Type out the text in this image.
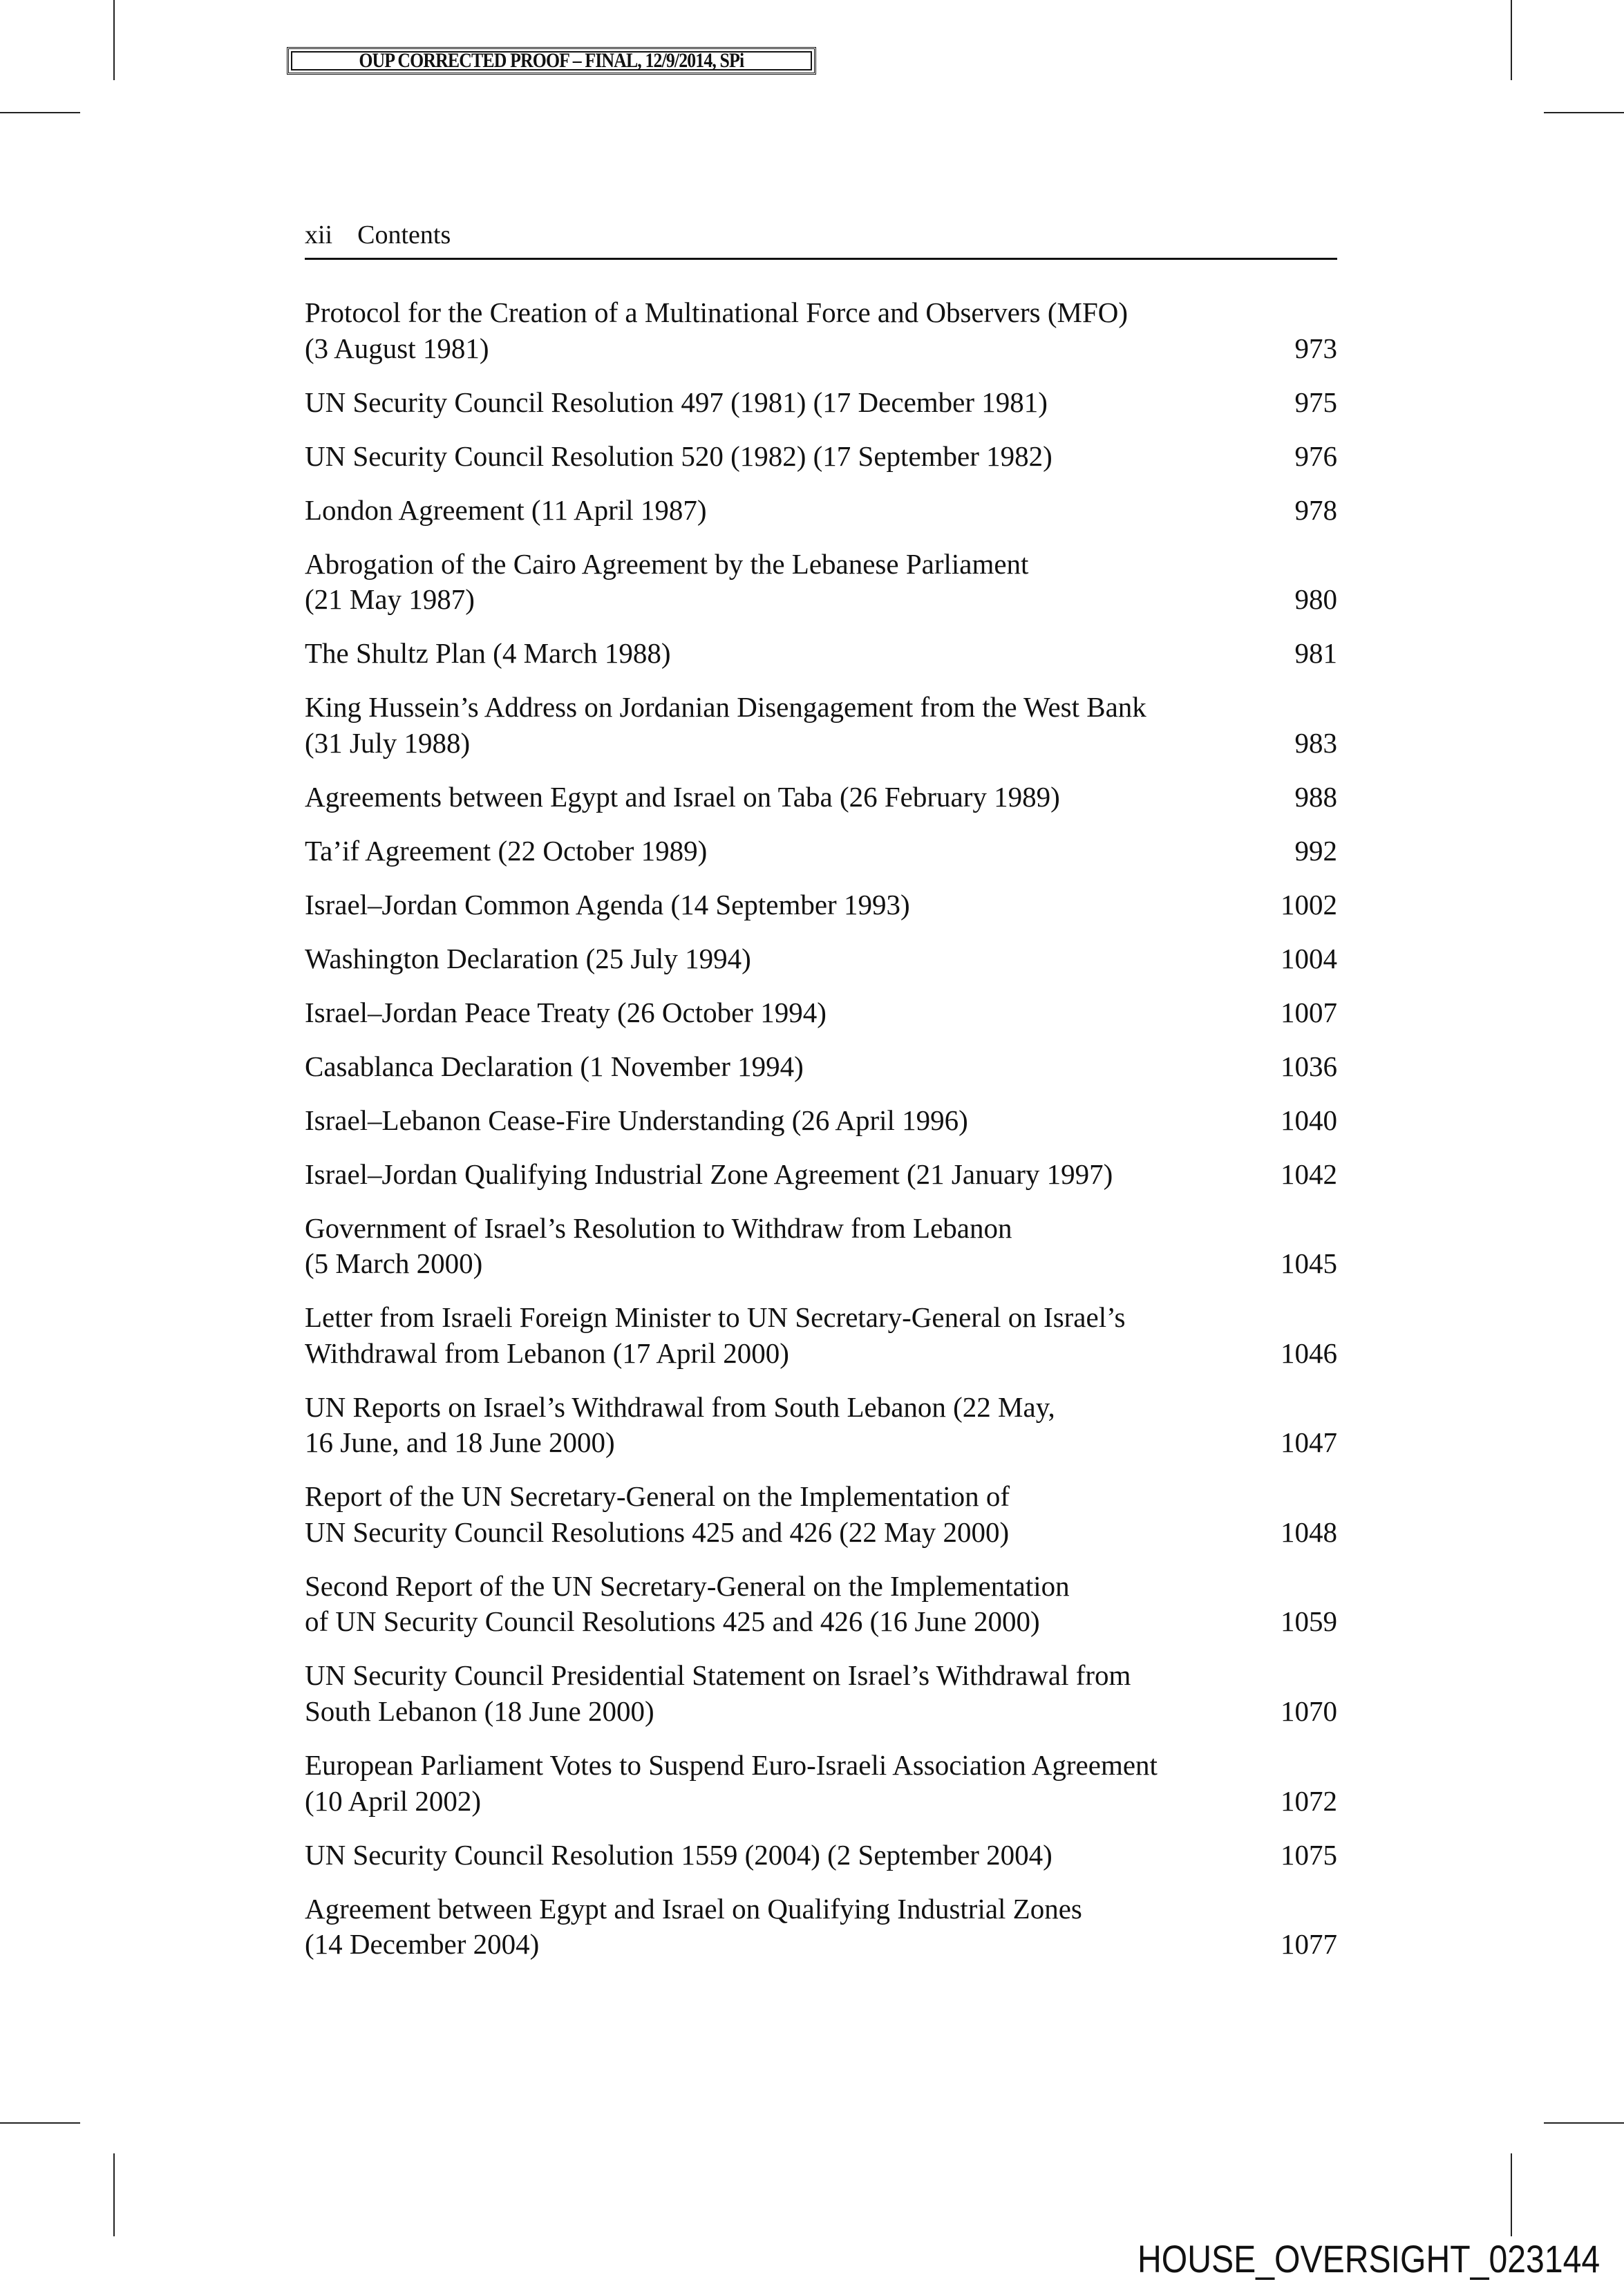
OUP CORRECTED PROOF – FINAL, 12/9/2014, SPi
xii Contents
Protocol for the Creation of a Multinational Force and Observers (MFO)
(3 August 1981)	973
UN Security Council Resolution 497 (1981) (17 December 1981)	975
UN Security Council Resolution 520 (1982) (17 September 1982)	976
London Agreement (11 April 1987)	978
Abrogation of the Cairo Agreement by the Lebanese Parliament
(21 May 1987)	980
The Shultz Plan (4 March 1988)	981
King Hussein’s Address on Jordanian Disengagement from the West Bank
(31 July 1988)	983
Agreements between Egypt and Israel on Taba (26 February 1989)	988
Ta’if Agreement (22 October 1989)	992
Israel–Jordan Common Agenda (14 September 1993)	1002
Washington Declaration (25 July 1994)	1004
Israel–Jordan Peace Treaty (26 October 1994)	1007
Casablanca Declaration (1 November 1994)	1036
Israel–Lebanon Cease-Fire Understanding (26 April 1996)	1040
Israel–Jordan Qualifying Industrial Zone Agreement (21 January 1997)	1042
Government of Israel’s Resolution to Withdraw from Lebanon
(5 March 2000)	1045
Letter from Israeli Foreign Minister to UN Secretary-General on Israel’s
Withdrawal from Lebanon (17 April 2000)	1046
UN Reports on Israel’s Withdrawal from South Lebanon (22 May,
16 June, and 18 June 2000)	1047
Report of the UN Secretary-General on the Implementation of
UN Security Council Resolutions 425 and 426 (22 May 2000)	1048
Second Report of the UN Secretary-General on the Implementation
of UN Security Council Resolutions 425 and 426 (16 June 2000)	1059
UN Security Council Presidential Statement on Israel’s Withdrawal from
South Lebanon (18 June 2000)	1070
European Parliament Votes to Suspend Euro-Israeli Association Agreement
(10 April 2002)	1072
UN Security Council Resolution 1559 (2004) (2 September 2004)	1075
Agreement between Egypt and Israel on Qualifying Industrial Zones
(14 December 2004)	1077
HOUSE_OVERSIGHT_023144
